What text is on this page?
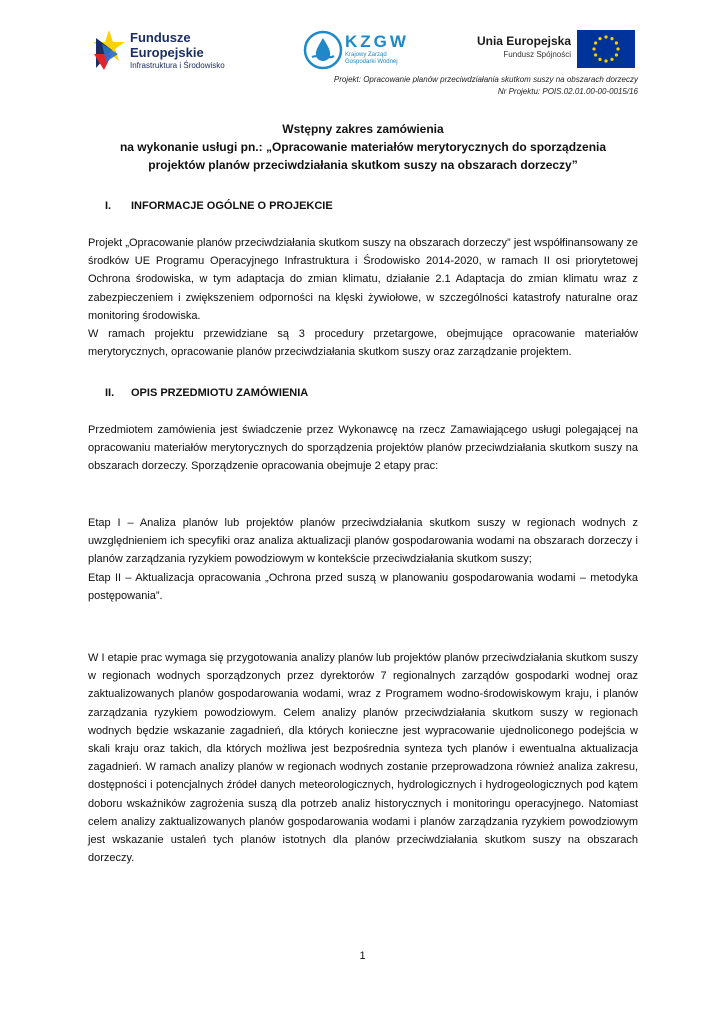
Fundusze
Europejskie
Infrastruktura i Środowisko
KZGW
Krajowy Zarząd Gospodarki Wodnej
Unia Europejska
Fundusz Spójności
Projekt: Opracowanie planów przeciwdziałania skutkom suszy na obszarach dorzeczy
Nr Projektu: POIS.02.01.00-00-0015/16
Wstępny zakres zamówienia
na wykonanie usługi pn.: „Opracowanie materiałów merytorycznych do sporządzenia
projektów planów przeciwdziałania skutkom suszy na obszarach dorzeczy”
I. INFORMACJE OGÓLNE O PROJEKCIE

Projekt „Opracowanie planów przeciwdziałania skutkom suszy na obszarach dorzeczy” jest współfinansowany ze środków UE Programu Operacyjnego Infrastruktura i Środowisko 2014-2020, w ramach II osi priorytetowej Ochrona środowiska, w tym adaptacja do zmian klimatu, działanie 2.1 Adaptacja do zmian klimatu wraz z zabezpieczeniem i zwiększeniem odporności na klęski żywiołowe, w szczególności katastrofy naturalne oraz monitoring środowiska.

W ramach projektu przewidziane są 3 procedury przetargowe, obejmujące opracowanie materiałów merytorycznych, opracowanie planów przeciwdziałania skutkom suszy oraz zarządzanie projektem.

II. OPIS PRZEDMIOTU ZAMÓWIENIA

Przedmiotem zamówienia jest świadczenie przez Wykonawcę na rzecz Zamawiającego usługi polegającej na opracowaniu materiałów merytorycznych do sporządzenia projektów planów przeciwdziałania skutkom suszy na obszarach dorzeczy. Sporządzenie opracowania obejmuje 2 etapy prac:

Etap I – Analiza planów lub projektów planów przeciwdziałania skutkom suszy w regionach wodnych z uwzględnieniem ich specyfiki oraz analiza aktualizacji planów gospodarowania wodami na obszarach dorzeczy i planów zarządzania ryzykiem powodziowym w kontekście przeciwdziałania skutkom suszy;

Etap II – Aktualizacja opracowania „Ochrona przed suszą w planowaniu gospodarowania wodami – metodyka postępowania”.

W I etapie prac wymaga się przygotowania analizy planów lub projektów planów przeciwdziałania skutkom suszy w regionach wodnych sporządzonych przez dyrektorów 7 regionalnych zarządów gospodarki wodnej oraz zaktualizowanych planów gospodarowania wodami, wraz z Programem wodno-środowiskowym kraju, i planów zarządzania ryzykiem powodziowym. Celem analizy planów przeciwdziałania skutkom suszy w regionach wodnych będzie wskazanie zagadnień, dla których konieczne jest wypracowanie ujednoliconego podejścia w skali kraju oraz takich, dla których możliwa jest bezpośrednia synteza tych planów i ewentualna aktualizacja zagadnień. W ramach analizy planów w regionach wodnych zostanie przeprowadzona również analiza zakresu, dostępności i potencjalnych źródeł danych meteorologicznych, hydrologicznych i hydrogeologicznych pod kątem doboru wskaźników zagrożenia suszą dla potrzeb analiz historycznych i monitoringu operacyjnego. Natomiast celem analizy zaktualizowanych planów gospodarowania wodami i planów zarządzania ryzykiem powodziowym jest wskazanie ustaleń tych planów istotnych dla planów przeciwdziałania skutkom suszy na obszarach dorzeczy.

1
